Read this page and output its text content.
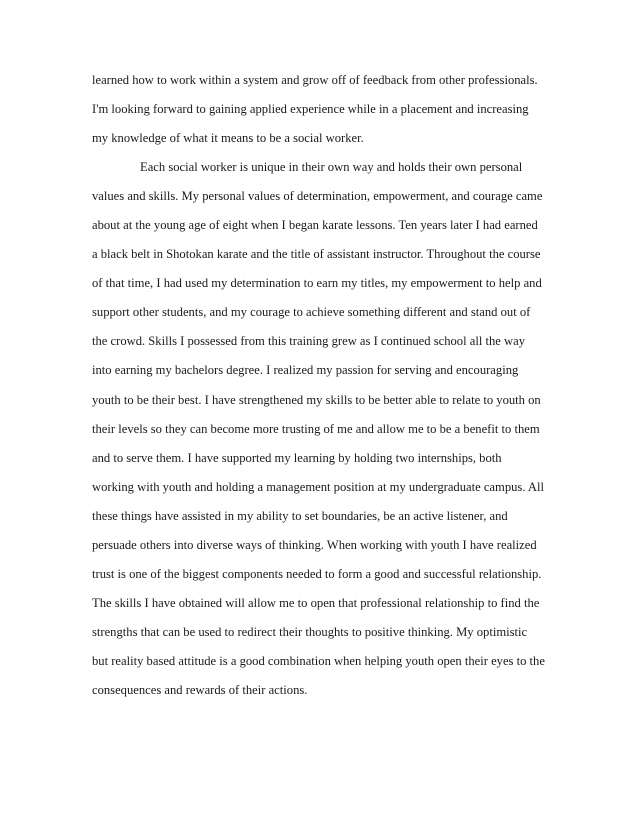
learned how to work within a system and grow off of feedback from other professionals.
I'm looking forward to gaining applied experience while in a placement and increasing
my knowledge of what it means to be a social worker.
Each social worker is unique in their own way and holds their own personal
values and skills. My personal values of determination, empowerment, and courage came
about at the young age of eight when I began karate lessons. Ten years later I had earned
a black belt in Shotokan karate and the title of assistant instructor. Throughout the course
of that time, I had used my determination to earn my titles, my empowerment to help and
support other students, and my courage to achieve something different and stand out of
the crowd. Skills I possessed from this training grew as I continued school all the way
into earning my bachelors degree. I realized my passion for serving and encouraging
youth to be their best. I have strengthened my skills to be better able to relate to youth on
their levels so they can become more trusting of me and allow me to be a benefit to them
and to serve them. I have supported my learning by holding two internships, both
working with youth and holding a management position at my undergraduate campus. All
these things have assisted in my ability to set boundaries, be an active listener, and
persuade others into diverse ways of thinking. When working with youth I have realized
trust is one of the biggest components needed to form a good and successful relationship.
The skills I have obtained will allow me to open that professional relationship to find the
strengths that can be used to redirect their thoughts to positive thinking. My optimistic
but reality based attitude is a good combination when helping youth open their eyes to the
consequences and rewards of their actions.
